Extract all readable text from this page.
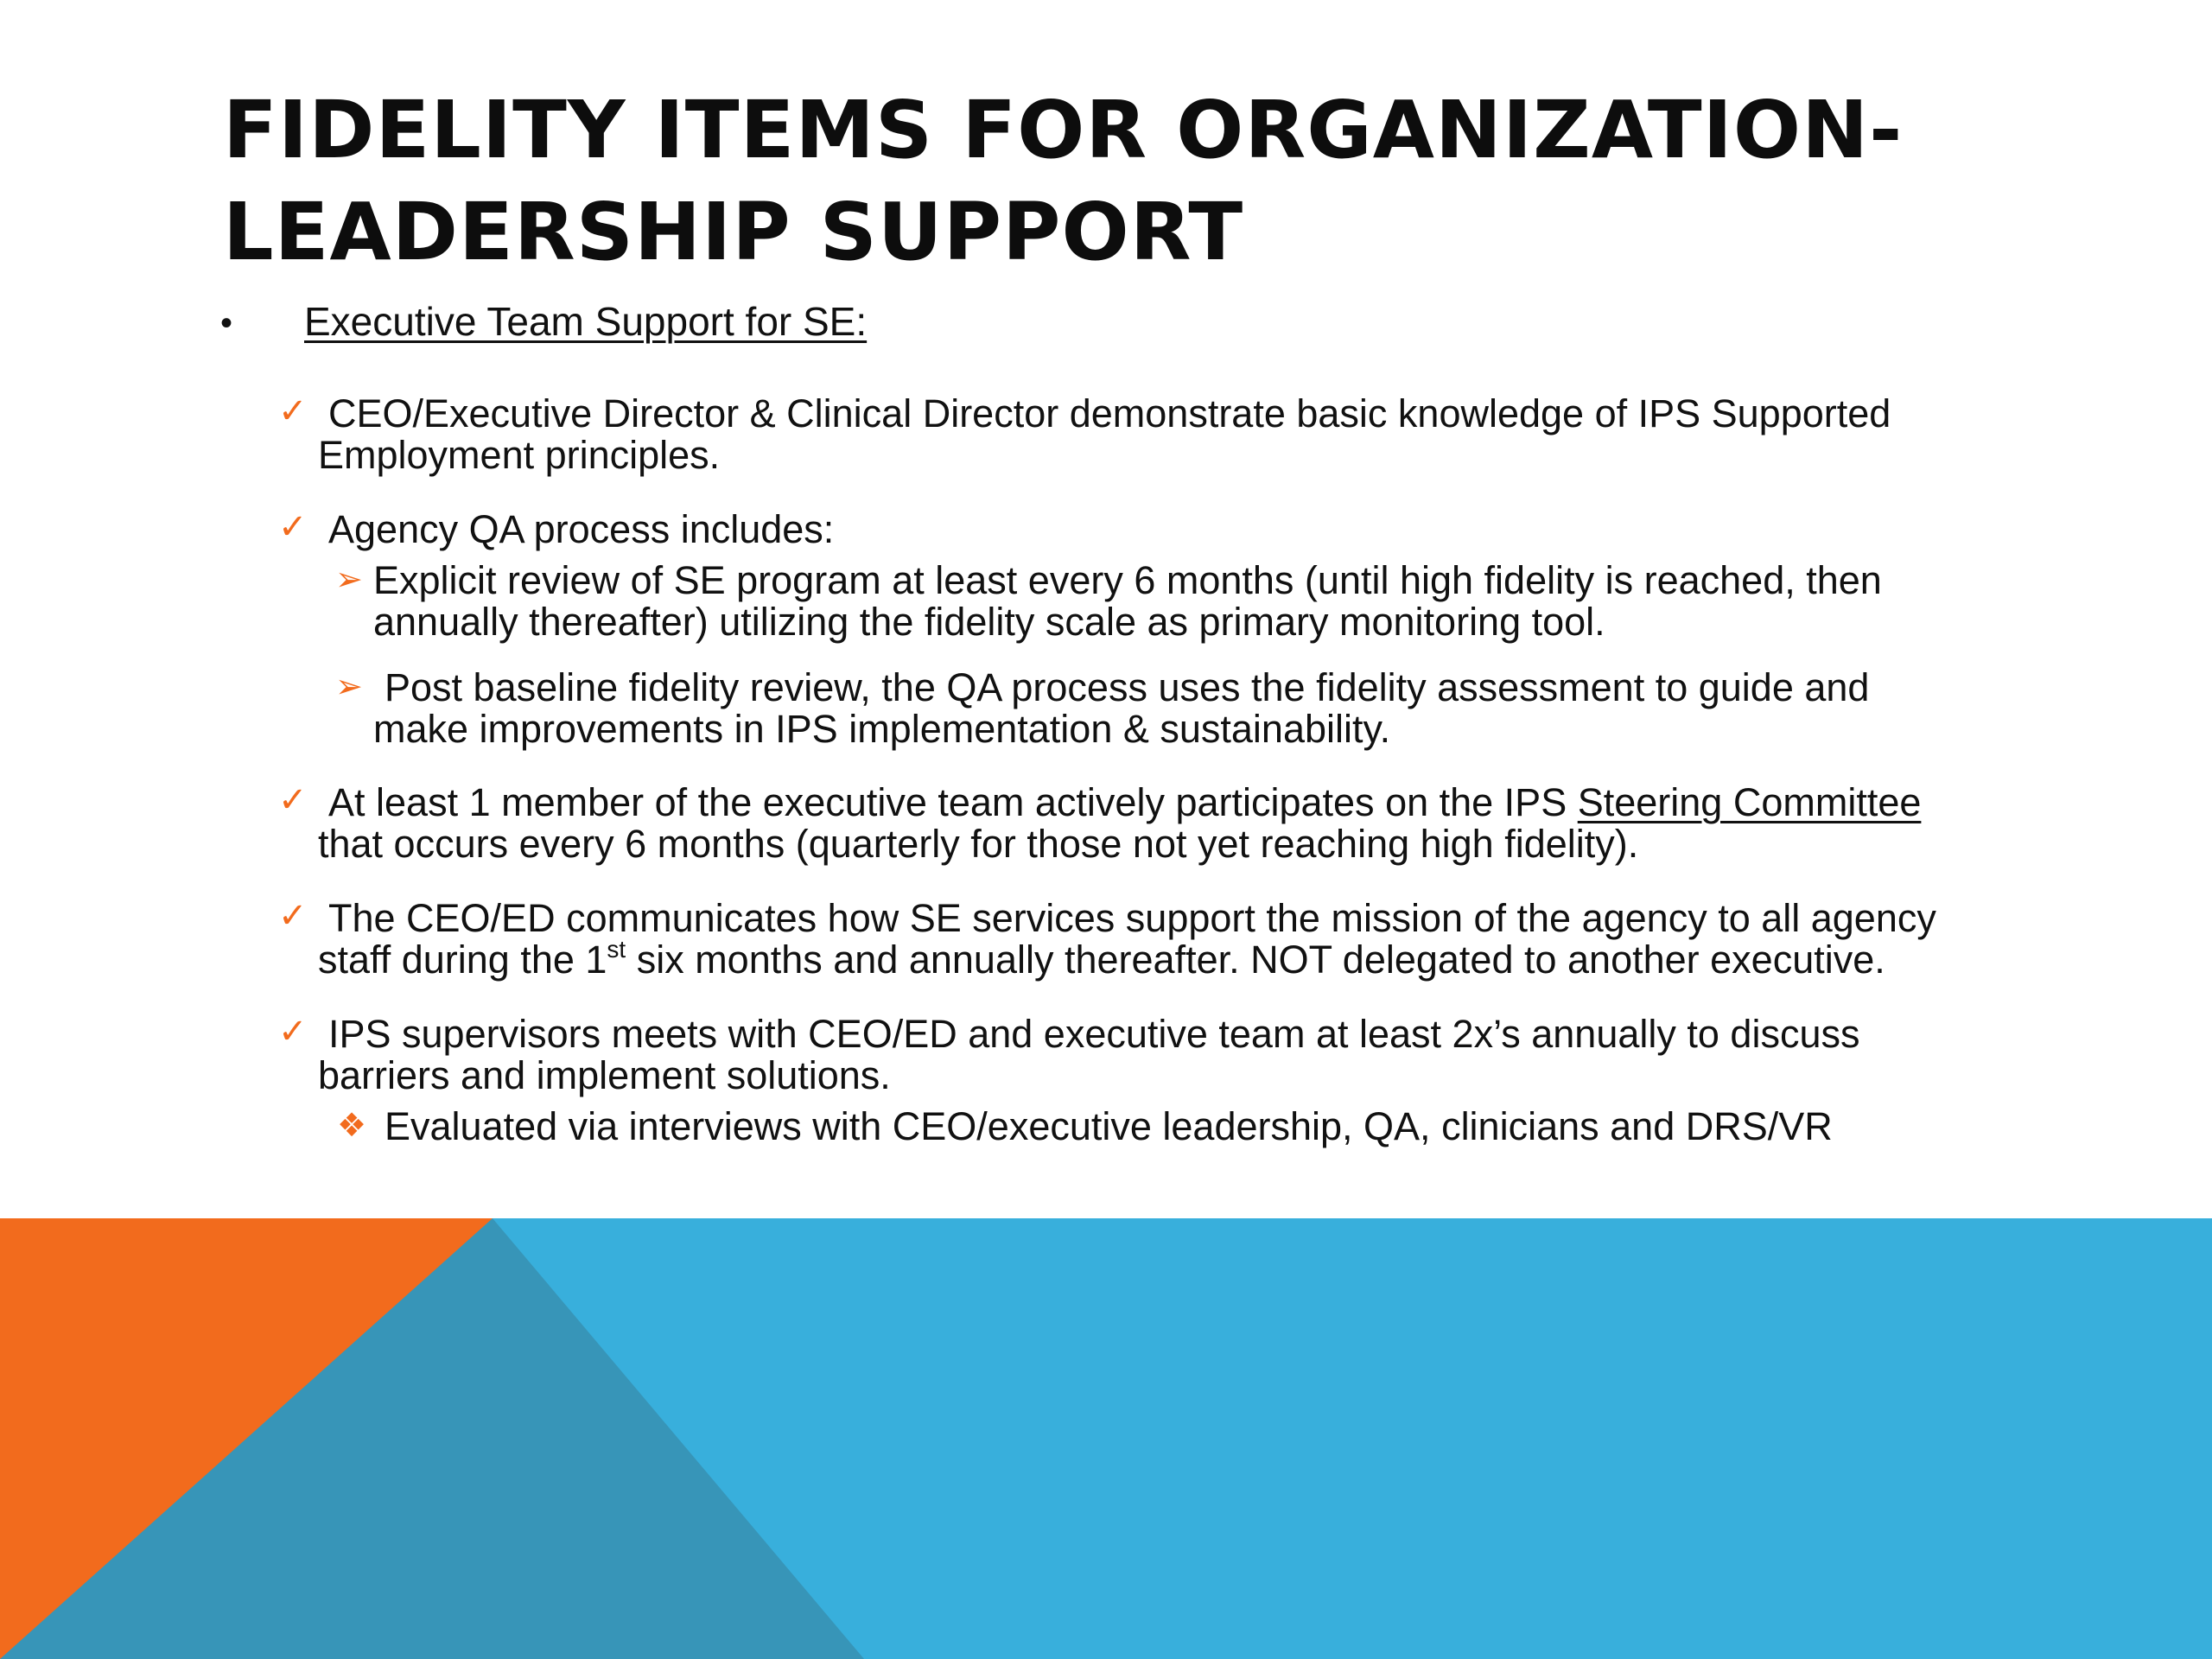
FIDELITY ITEMS FOR ORGANIZATION-
LEADERSHIP SUPPORT
• Executive Team Support for SE:

✓ CEO/Executive Director & Clinical Director demonstrate basic knowledge of IPS Supported

Employment principles.

✓ Agency QA process includes:

➢ Explicit review of SE program at least every 6 months (until high fidelity is reached, then

annually thereafter) utilizing the fidelity scale as primary monitoring tool.

➢ Post baseline fidelity review, the QA process uses the fidelity assessment to guide and

make improvements in IPS implementation & sustainability.

✓ At least 1 member of the executive team actively participates on the IPS Steering Committee

that occurs every 6 months (quarterly for those not yet reaching high fidelity).

✓ The CEO/ED communicates how SE services support the mission of the agency to all agency

staff during the 1st six months and annually thereafter. NOT delegated to another executive.

✓ IPS supervisors meets with CEO/ED and executive team at least 2x’s annually to discuss

barriers and implement solutions.

❖ Evaluated via interviews with CEO/executive leadership, QA, clinicians and DRS/VR
